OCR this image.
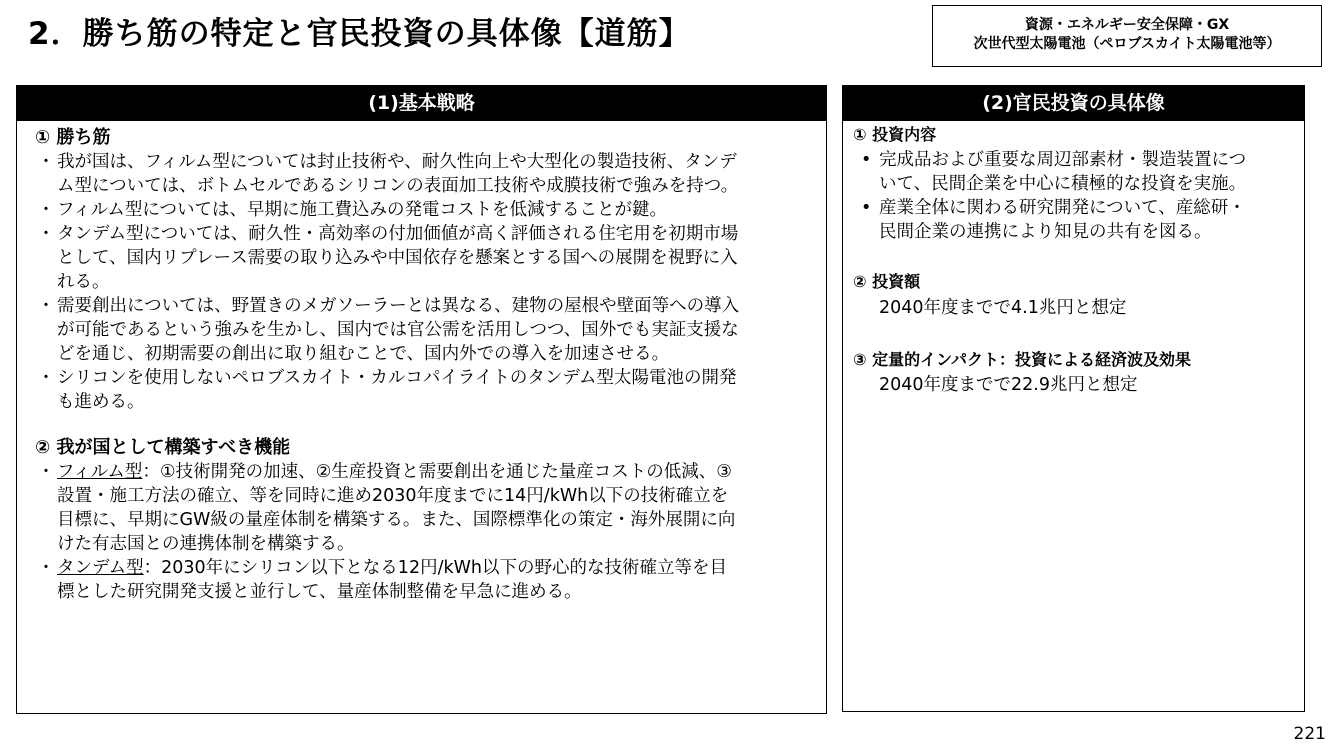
2．勝ち筋の特定と官民投資の具体像【道筋】	資源・エネルギー安全保障・GX
次世代型太陽電池（ペロブスカイト太陽電池等）
(1)基本戦略
① 勝ち筋
・ 我が国は、フィルム型については封止技術や、耐久性向上や大型化の製造技術、タンデ
ム型については、ボトムセルであるシリコンの表面加工技術や成膜技術で強みを持つ。
・ フィルム型については、早期に施工費込みの発電コストを低減することが鍵。
・ タンデム型については、耐久性・高効率の付加価値が高く評価される住宅用を初期市場
として、国内リプレース需要の取り込みや中国依存を懸案とする国への展開を視野に入
れる。
・ 需要創出については、野置きのメガソーラーとは異なる、建物の屋根や壁面等への導入
が可能であるという強みを生かし、国内では官公需を活用しつつ、国外でも実証支援な
どを通じ、初期需要の創出に取り組むことで、国内外での導入を加速させる。
・ シリコンを使用しないペロブスカイト・カルコパイライトのタンデム型太陽電池の開発
も進める。
② 我が国として構築すべき機能
・ フィルム型：①技術開発の加速、②生産投資と需要創出を通じた量産コストの低減、③
設置・施工方法の確立、等を同時に進め2030年度までに14円/kWh以下の技術確立を
目標に、早期にGW級の量産体制を構築する。また、国際標準化の策定・海外展開に向
けた有志国との連携体制を構築する。
・ タンデム型：2030年にシリコン以下となる12円/kWh以下の野心的な技術確立等を目
標とした研究開発支援と並行して、量産体制整備を早急に進める。
(2)官民投資の具体像
① 投資内容
• 完成品および重要な周辺部素材・製造装置につ
いて、民間企業を中心に積極的な投資を実施。
• 産業全体に関わる研究開発について、産総研・
民間企業の連携により知見の共有を図る。
② 投資額
2040年度までで4.1兆円と想定
③ 定量的インパクト：投資による経済波及効果
2040年度までで22.9兆円と想定
221
